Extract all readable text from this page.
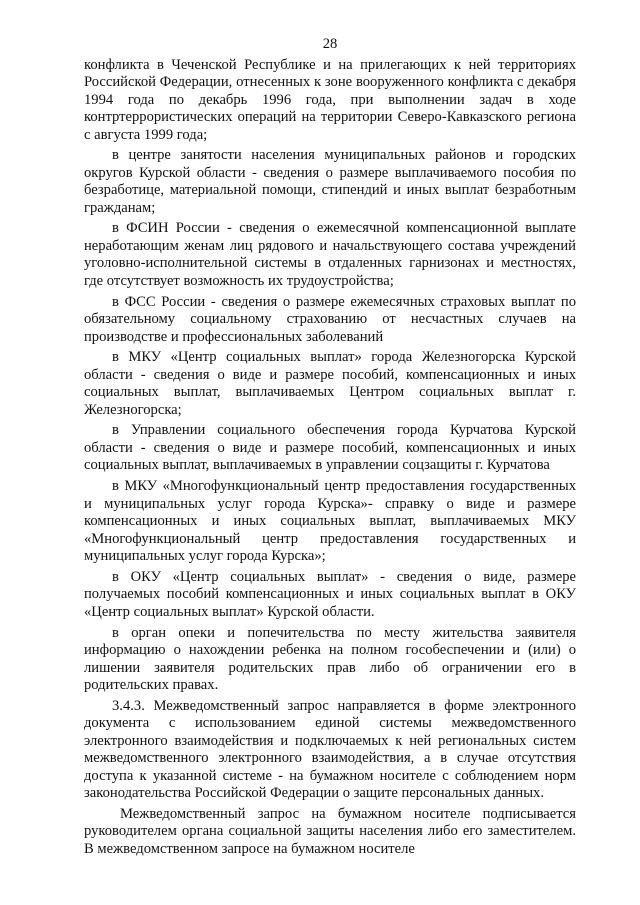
28

конфликта в Чеченской Республике и на прилегающих к ней территориях Российской Федерации, отнесенных к зоне вооруженного конфликта с декабря 1994 года по декабрь 1996 года, при выполнении задач в ходе контртеррористических операций на территории Северо-Кавказского региона с августа 1999 года;

в центре занятости населения муниципальных районов и городских округов Курской области - сведения о размере выплачиваемого пособия по безработице, материальной помощи, стипендий и иных выплат безработным гражданам;

в ФСИН России - сведения о ежемесячной компенсационной выплате неработающим женам лиц рядового и начальствующего состава учреждений уголовно-исполнительной системы в отдаленных гарнизонах и местностях, где отсутствует возможность их трудоустройства;

в ФСС России - сведения о размере ежемесячных страховых выплат по обязательному социальному страхованию от несчастных случаев на производстве и профессиональных заболеваний

в МКУ «Центр социальных выплат» города Железногорска Курской области - сведения о виде и размере пособий, компенсационных и иных социальных выплат, выплачиваемых Центром социальных выплат г. Железногорска;

в Управлении социального обеспечения города Курчатова Курской области - сведения о виде и размере пособий, компенсационных и иных социальных выплат, выплачиваемых в управлении соцзащиты г. Курчатова

в МКУ «Многофункциональный центр предоставления государственных и муниципальных услуг города Курска»- справку о виде и размере компенсационных и иных социальных выплат, выплачиваемых МКУ «Многофункциональный центр предоставления государственных и муниципальных услуг города Курска»;

в ОКУ «Центр социальных выплат» - сведения о виде, размере получаемых пособий компенсационных и иных социальных выплат в ОКУ «Центр социальных выплат» Курской области.

в орган опеки и попечительства по месту жительства заявителя информацию о нахождении ребенка на полном гособеспечении и (или) о лишении заявителя родительских прав либо об ограничении его в родительских правах.

3.4.3. Межведомственный запрос направляется в форме электронного документа с использованием единой системы межведомственного электронного взаимодействия и подключаемых к ней региональных систем межведомственного электронного взаимодействия, а в случае отсутствия доступа к указанной системе - на бумажном носителе с соблюдением норм законодательства Российской Федерации о защите персональных данных.

Межведомственный запрос на бумажном носителе подписывается руководителем органа социальной защиты населения либо его заместителем. В межведомственном запросе на бумажном носителе
